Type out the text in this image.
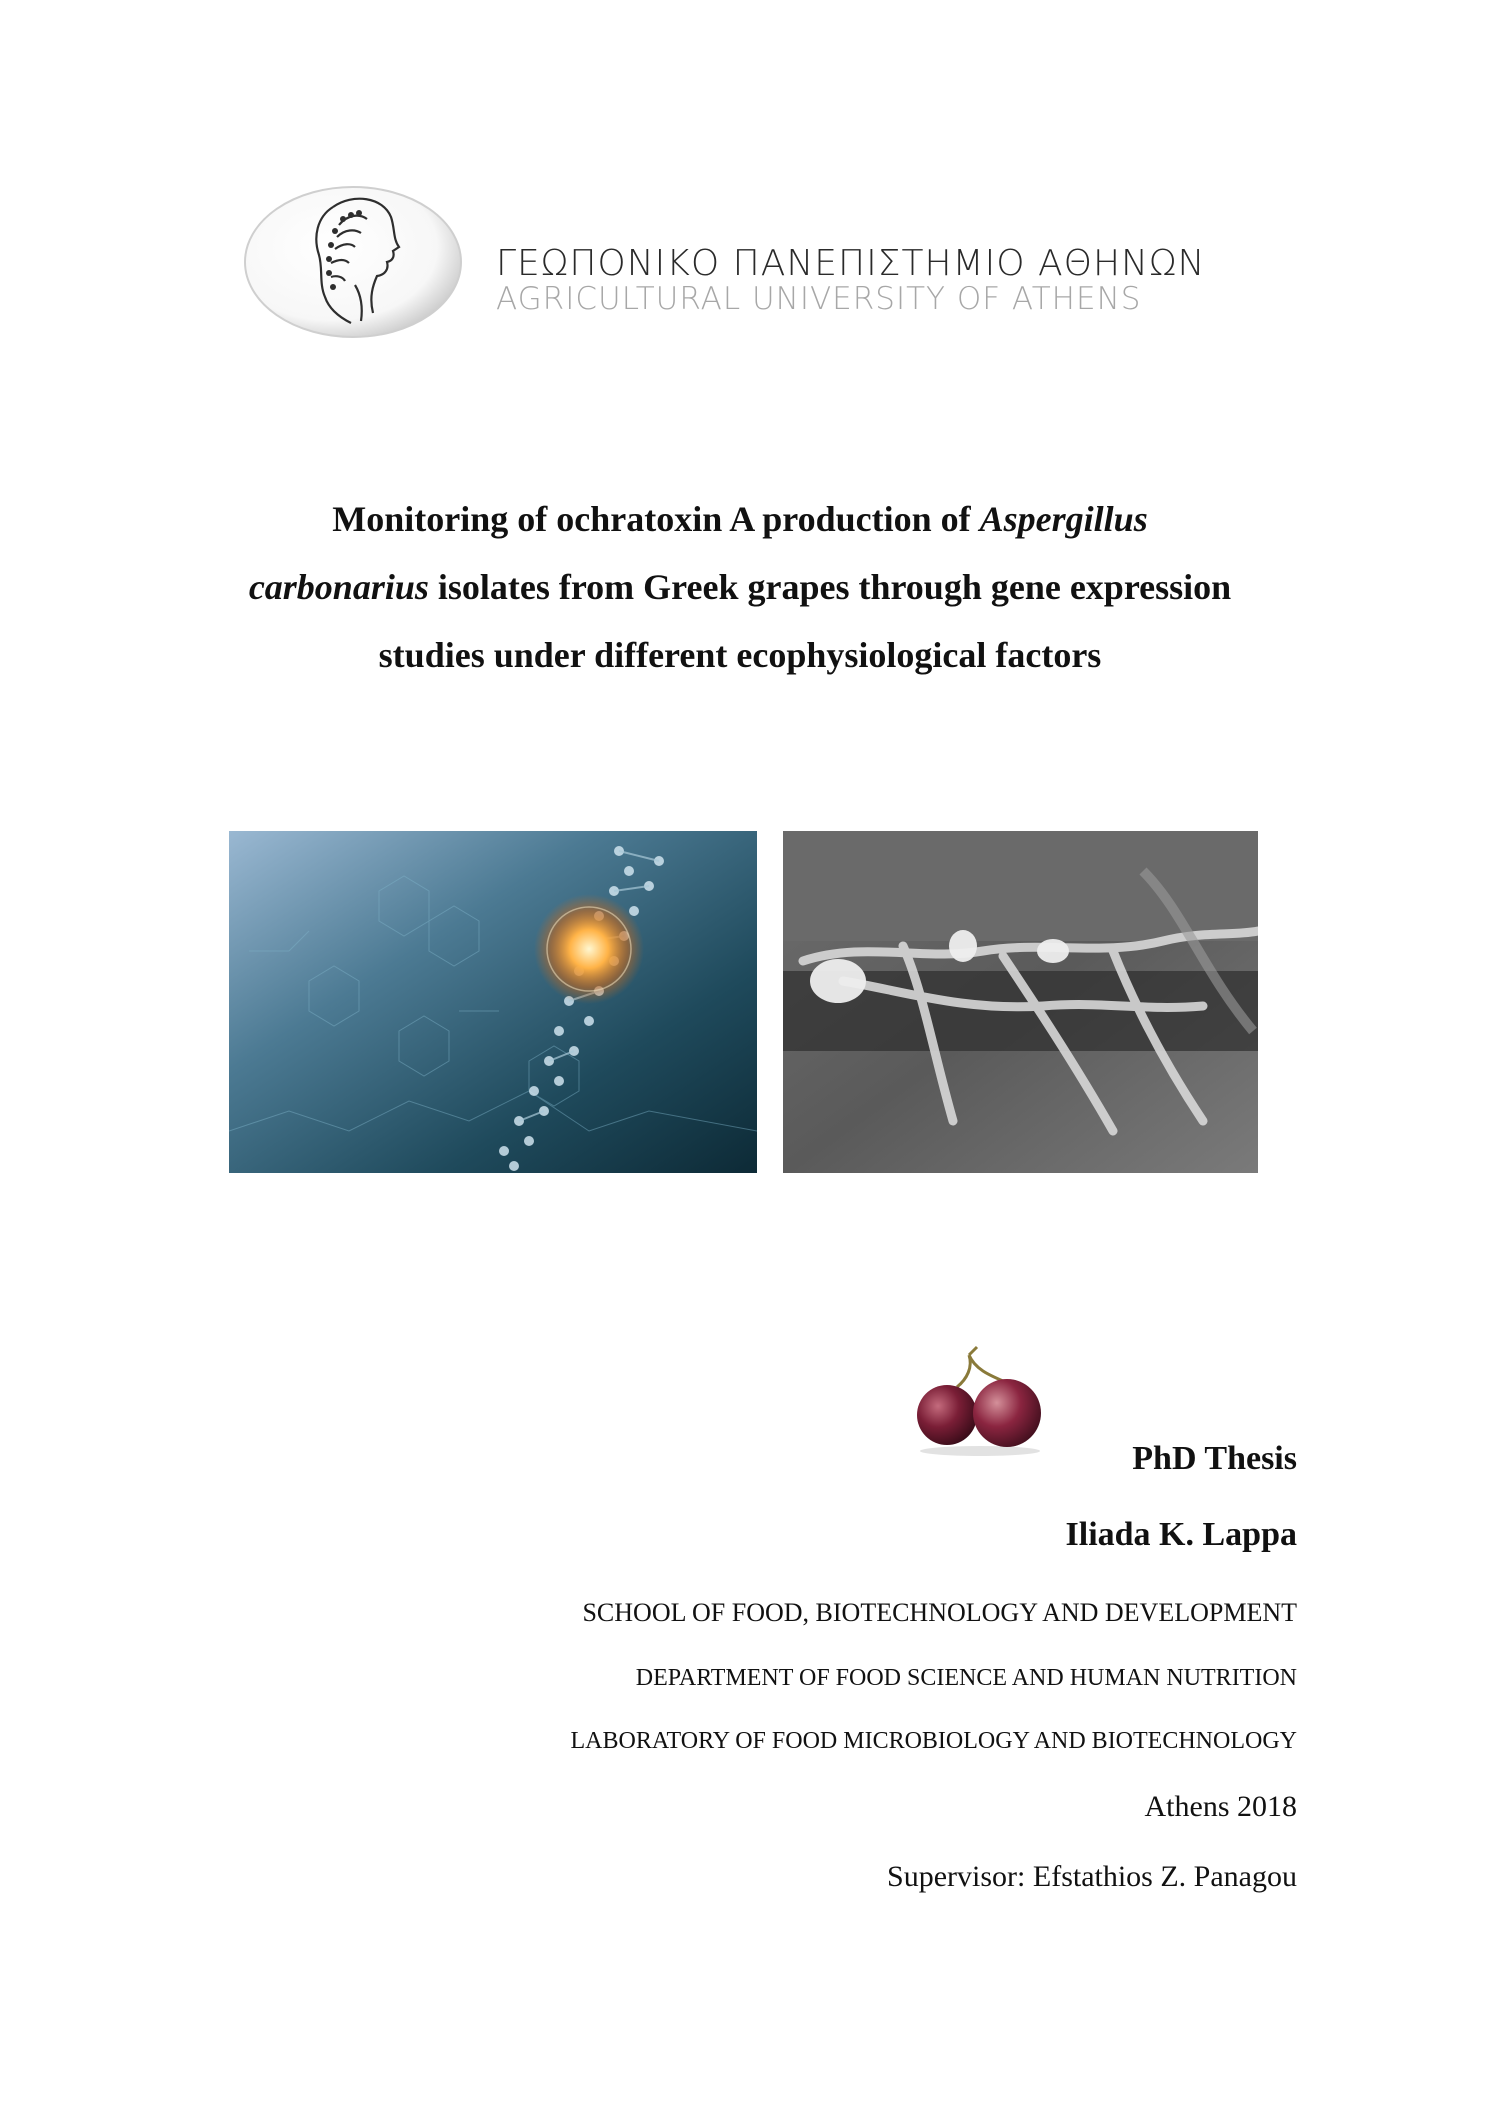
ΓΕΩΠΟΝΙΚΟ ΠΑΝΕΠΙΣΤΗΜΙΟ ΑΘΗΝΩΝ
AGRICULTURAL UNIVERSITY OF ATHENS
Monitoring of ochratoxin A production of Aspergillus
carbonarius isolates from Greek grapes through gene expression studies under different ecophysiological factors
PhD Thesis
Iliada K. Lappa
SCHOOL OF FOOD, BIOTECHNOLOGY AND DEVELOPMENT
DEPARTMENT OF FOOD SCIENCE AND HUMAN NUTRITION
LABORATORY OF FOOD MICROBIOLOGY AND BIOTECHNOLOGY
Athens 2018
Supervisor: Efstathios Z. Panagou
